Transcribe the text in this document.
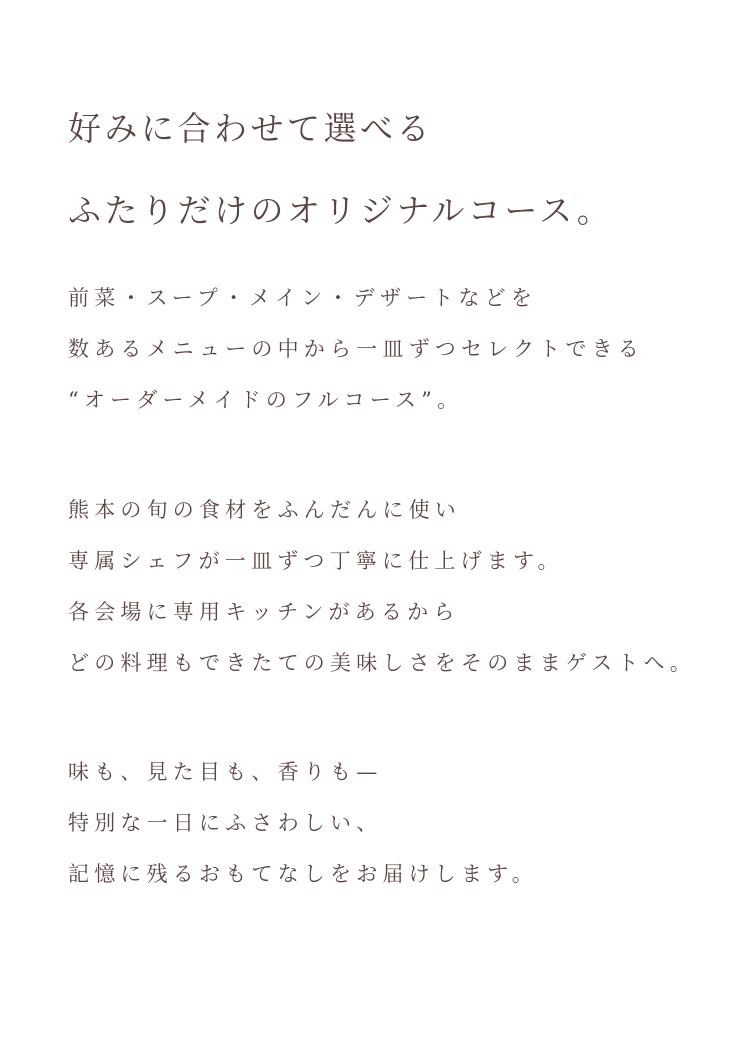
好みに合わせて選べる
ふたりだけのオリジナルコース。

前菜・スープ・メイン・デザートなどを
数あるメニューの中から一皿ずつセレクトできる
“オーダーメイドのフルコース”。

熊本の旬の食材をふんだんに使い
専属シェフが一皿ずつ丁寧に仕上げます。
各会場に専用キッチンがあるから
どの料理もできたての美味しさをそのままゲストへ。

味も、見た目も、香りも—
特別な一日にふさわしい、
記憶に残るおもてなしをお届けします。
